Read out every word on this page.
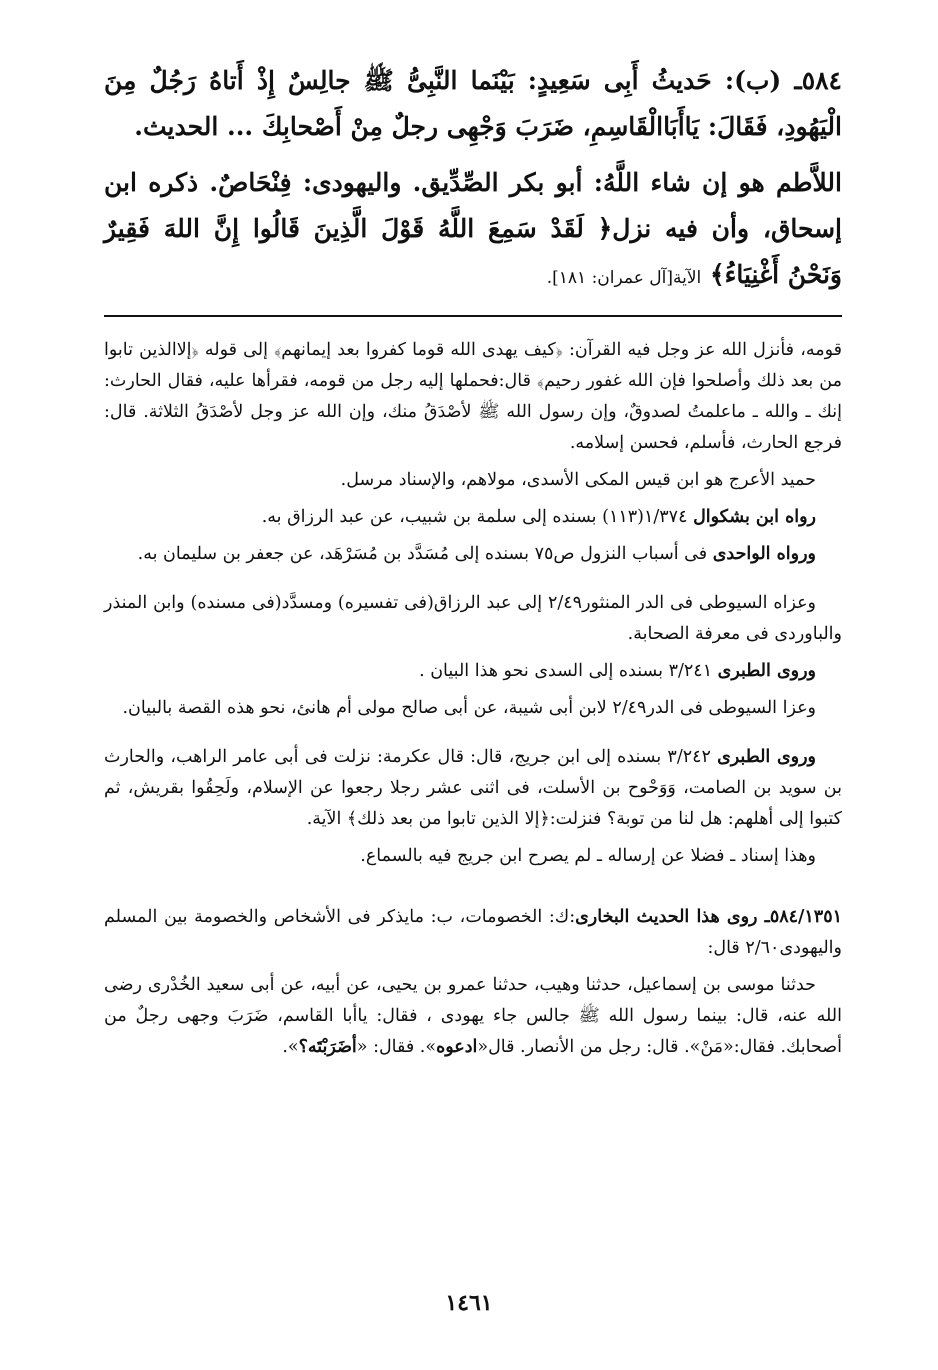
٥٨٤ـ (ب): حَديثُ أَبِى سَعِيدٍ: بَيْنَما النَّبِىُّ ﷺ جالِسٌ إِذْ أَتاهُ رَجُلٌ مِنَ الْيَهُودِ، فَقَالَ: يَاأَبَاالْقَاسِمِ، ضَرَبَ وَجْهِى رجلٌ مِنْ أَصْحابِكَ ... الحديث.

اللاَّطم هو إن شاء اللَّهُ: أبو بكر الصِّدِّيق. واليهودى: فِنْحَاصٌ. ذكره ابن إسحاق، وأن فيه نزل﴿ لَقَدْ سَمِعَ اللَّهُ قَوْلَ الَّذِينَ قَالُوا إِنَّ اللهَ فَقِيرٌ وَنَحْنُ أَغْنِيَاءُ﴾ الآية[آل عمران: ١٨١].

قومه، فأنزل الله عز وجل فيه القرآن: ﴿كيف يهدى الله قوما كفروا بعد إيمانهم﴾ إلى قوله ﴿إلاالذين تابوا من بعد ذلك وأصلحوا فإن الله غفور رحيم﴾ قال:فحملها إليه رجل من قومه، فقرأها عليه، فقال الحارث: إنك ـ والله ـ ماعلمتُ لصدوقٌ، وإن رسول الله ﷺ لأصْدَقُ منك، وإن الله عز وجل لأصْدَقُ الثلاثة. قال: فرجع الحارث، فأسلم، فحسن إسلامه.

حميد الأعرج هو ابن قيس المكى الأسدى، مولاهم، والإسناد مرسل.

رواه ابن بشكوال ١/٣٧٤(١١٣) بسنده إلى سلمة بن شبيب، عن عبد الرزاق به.

ورواه الواحدى فى أسباب النزول ص٧٥ بسنده إلى مُسَدَّد بن مُسَرْهَد، عن جعفر بن سليمان به.

وعزاه السيوطى فى الدر المنثور٢/٤٩ إلى عبد الرزاق(فى تفسيره) ومسدَّد(فى مسنده) وابن المنذر والباوردى فى معرفة الصحابة.

وروى الطبرى ٣/٢٤١ بسنده إلى السدى نحو هذا البيان .

وعزا السيوطى فى الدر٢/٤٩ لابن أبى شيبة، عن أبى صالح مولى أم هانئ، نحو هذه القصة بالبيان.

وروى الطبرى ٣/٢٤٢ بسنده إلى ابن جريج، قال: قال عكرمة: نزلت فى أبى عامر الراهب، والحارث بن سويد بن الصامت، وَوَحْوح بن الأسلت، فى اثنى عشر رجلا رجعوا عن الإسلام، ولَحِقُوا بقريش، ثم كتبوا إلى أهلهم: هل لنا من توبة؟ فنزلت:﴿إلا الذين تابوا من بعد ذلك﴾ الآية.

وهذا إسناد ـ فضلا عن إرساله ـ لم يصرح ابن جريج فيه بالسماع.

٥٨٤/١٣٥١ـ روى هذا الحديث البخارى:ك: الخصومات، ب: مايذكر فى الأشخاص والخصومة بين المسلم واليهودى٢/٦٠ قال:

حدثنا موسى بن إسماعيل، حدثنا وهيب، حدثنا عمرو بن يحيى، عن أبيه، عن أبى سعيد الخُدْرى رضى الله عنه، قال: بينما رسول الله ﷺ جالس جاء يهودى ، فقال: ياأبا القاسم، ضَرَبَ وجهى رجلٌ من أصحابك. فقال:«مَنْ». قال: رجل من الأنصار. قال«ادعوه». فقال: «أضَرَبْتَه؟».

١٤٦١
